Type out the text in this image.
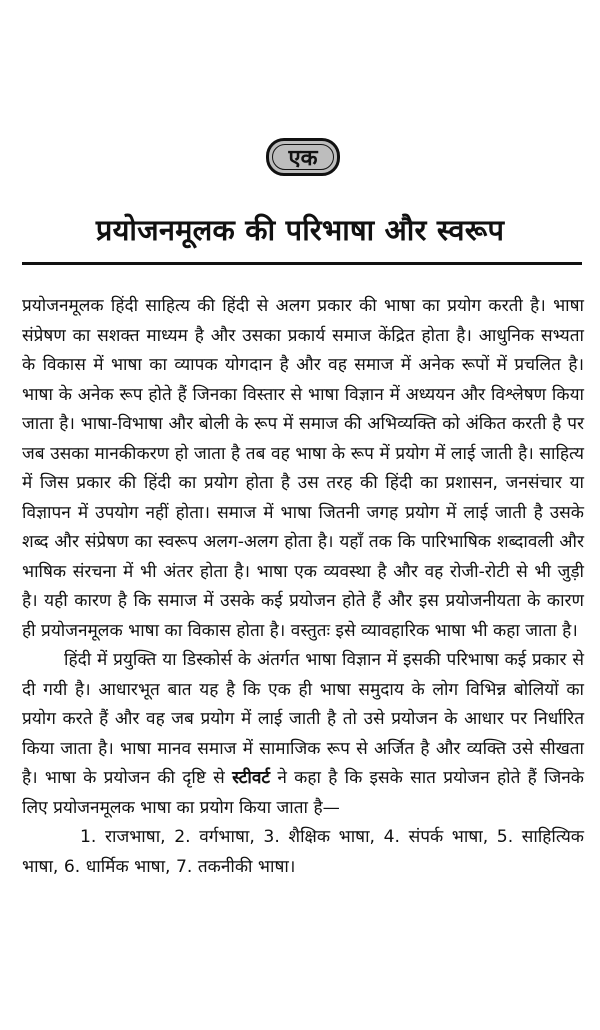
एक
प्रयोजनमूलक की परिभाषा और स्वरूप

प्रयोजनमूलक हिंदी साहित्य की हिंदी से अलग प्रकार की भाषा का प्रयोग करती है। भाषा संप्रेषण का सशक्त माध्यम है और उसका प्रकार्य समाज केंद्रित होता है। आधुनिक सभ्यता के विकास में भाषा का व्यापक योगदान है और वह समाज में अनेक रूपों में प्रचलित है। भाषा के अनेक रूप होते हैं जिनका विस्तार से भाषा विज्ञान में अध्ययन और विश्लेषण किया जाता है। भाषा-विभाषा और बोली के रूप में समाज की अभिव्यक्ति को अंकित करती है पर जब उसका मानकीकरण हो जाता है तब वह भाषा के रूप में प्रयोग में लाई जाती है। साहित्य में जिस प्रकार की हिंदी का प्रयोग होता है उस तरह की हिंदी का प्रशासन, जनसंचार या विज्ञापन में उपयोग नहीं होता। समाज में भाषा जितनी जगह प्रयोग में लाई जाती है उसके शब्द और संप्रेषण का स्वरूप अलग-अलग होता है। यहाँ तक कि पारिभाषिक शब्दावली और भाषिक संरचना में भी अंतर होता है। भाषा एक व्यवस्था है और वह रोजी-रोटी से भी जुड़ी है। यही कारण है कि समाज में उसके कई प्रयोजन होते हैं और इस प्रयोजनीयता के कारण ही प्रयोजनमूलक भाषा का विकास होता है। वस्तुतः इसे व्यावहारिक भाषा भी कहा जाता है।

हिंदी में प्रयुक्ति या डिस्कोर्स के अंतर्गत भाषा विज्ञान में इसकी परिभाषा कई प्रकार से दी गयी है। आधारभूत बात यह है कि एक ही भाषा समुदाय के लोग विभिन्न बोलियों का प्रयोग करते हैं और वह जब प्रयोग में लाई जाती है तो उसे प्रयोजन के आधार पर निर्धारित किया जाता है। भाषा मानव समाज में सामाजिक रूप से अर्जित है और व्यक्ति उसे सीखता है। भाषा के प्रयोजन की दृष्टि से स्टीवर्ट ने कहा है कि इसके सात प्रयोजन होते हैं जिनके लिए प्रयोजनमूलक भाषा का प्रयोग किया जाता है—

1. राजभाषा, 2. वर्गभाषा, 3. शैक्षिक भाषा, 4. संपर्क भाषा, 5. साहित्यिक भाषा, 6. धार्मिक भाषा, 7. तकनीकी भाषा।
